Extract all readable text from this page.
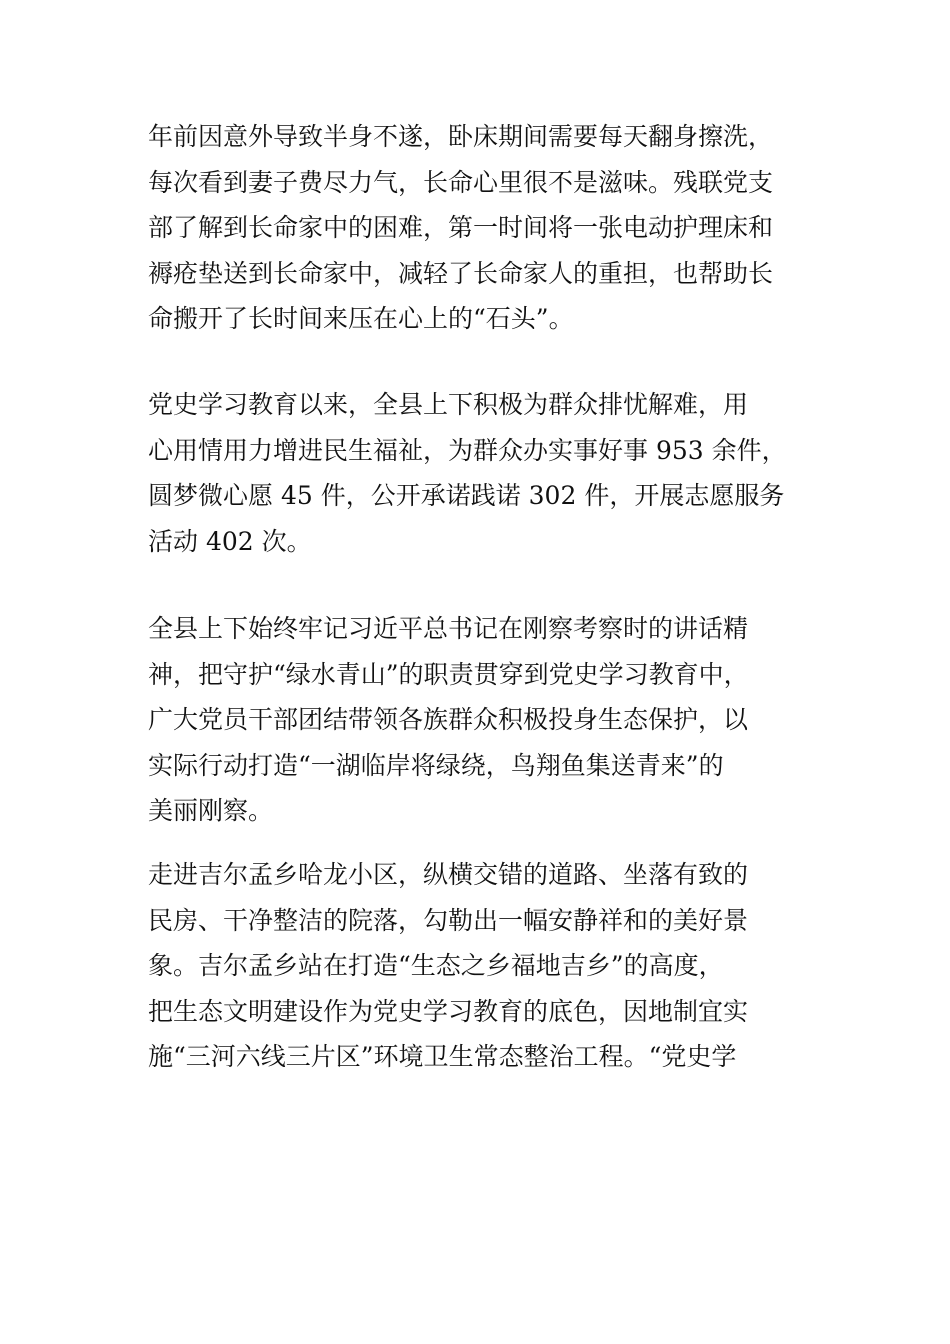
年前因意外导致半身不遂，卧床期间需要每天翻身擦洗，
每次看到妻子费尽力气，长命心里很不是滋味。残联党支
部了解到长命家中的困难，第一时间将一张电动护理床和
褥疮垫送到长命家中，减轻了长命家人的重担，也帮助长
命搬开了长时间来压在心上的“石头”。
党史学习教育以来，全县上下积极为群众排忧解难，用
心用情用力增进民生福祉，为群众办实事好事 953 余件，
圆梦微心愿 45 件，公开承诺践诺 302 件，开展志愿服务
活动 402 次。
全县上下始终牢记习近平总书记在刚察考察时的讲话精
神，把守护“绿水青山”的职责贯穿到党史学习教育中，
广大党员干部团结带领各族群众积极投身生态保护，以
实际行动打造“一湖临岸将绿绕，鸟翔鱼集送青来”的
美丽刚察。
走进吉尔孟乡哈龙小区，纵横交错的道路、坐落有致的
民房、干净整洁的院落，勾勒出一幅安静祥和的美好景
象。吉尔孟乡站在打造“生态之乡福地吉乡”的高度，
把生态文明建设作为党史学习教育的底色，因地制宜实
施“三河六线三片区”环境卫生常态整治工程。“党史学
